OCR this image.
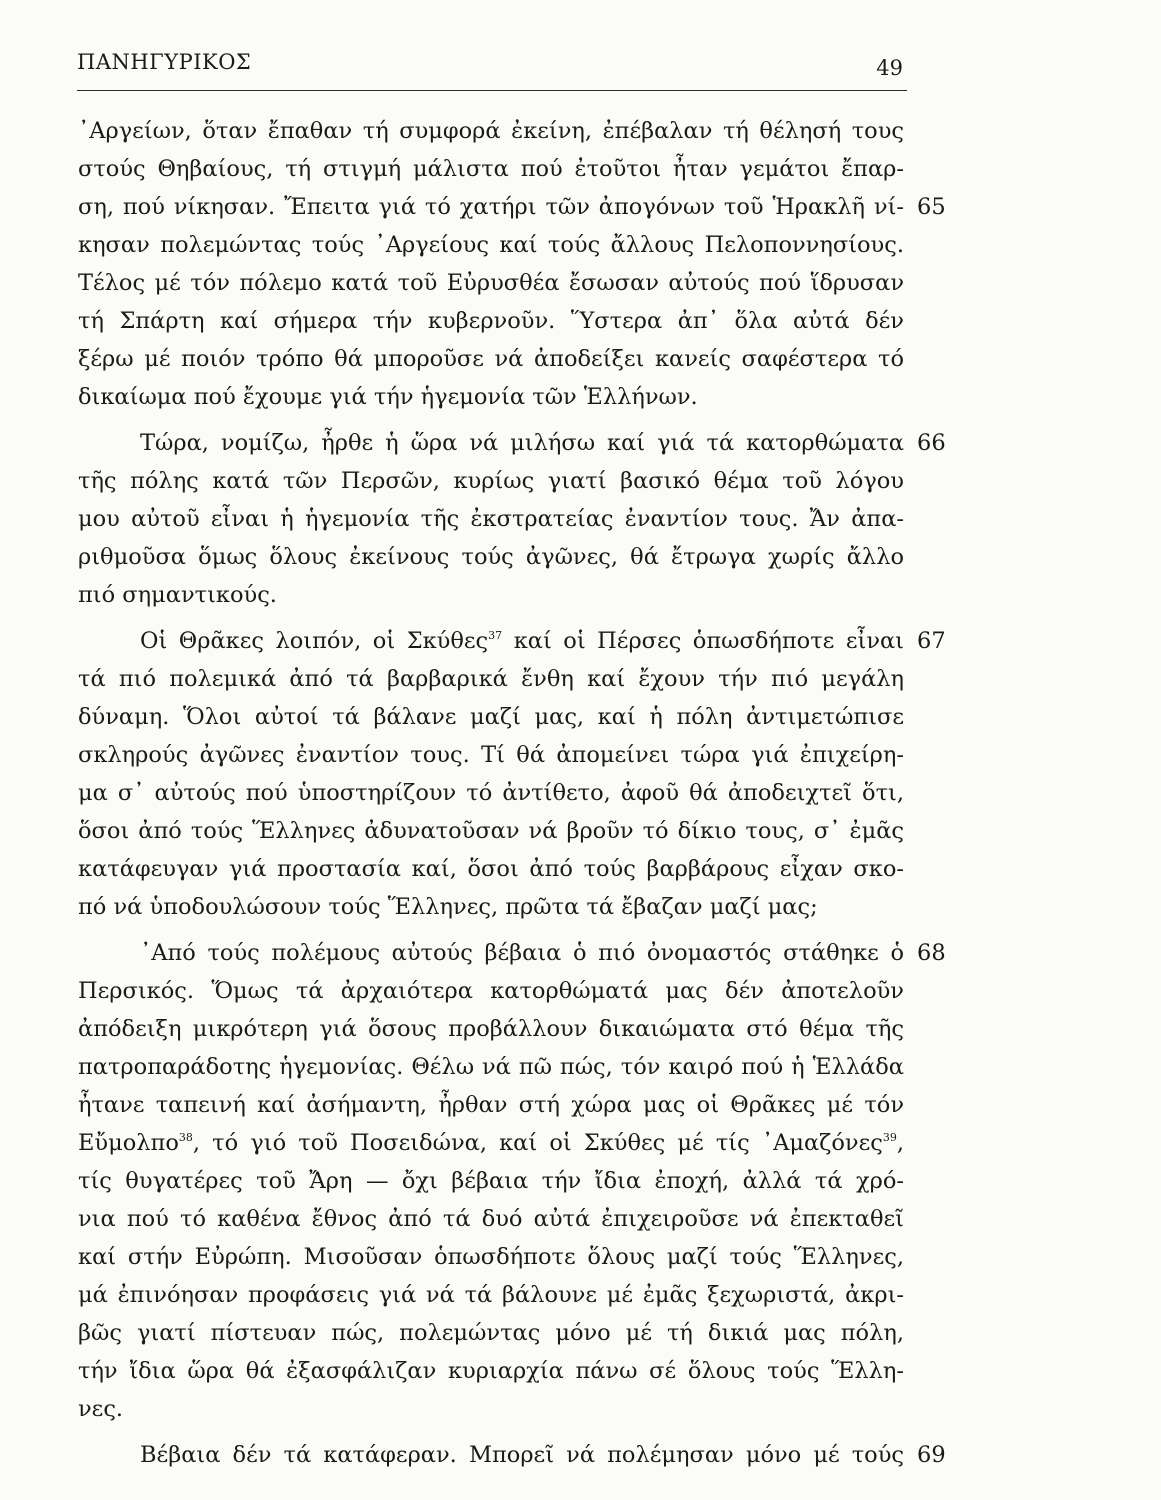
ΠΑΝΗΓΥΡΙΚΟΣ	49
᾿Αργείων, ὅταν ἔπαθαν τή συμφορά ἐκείνη, ἐπέβαλαν τή θέλησή τους
στούς Θηβαίους, τή στιγμή μάλιστα πού ἐτοῦτοι ἦταν γεμάτοι ἔπαρ-
ση, πού νίκησαν. Ἔπειτα γιά τό χατήρι τῶν ἀπογόνων τοῦ Ἡρακλῆ νί-
κησαν πολεμώντας τούς ᾿Αργείους καί τούς ἄλλους Πελοποννησίους.
Τέλος μέ τόν πόλεμο κατά τοῦ Εὐρυσθέα ἔσωσαν αὐτούς πού ἵδρυσαν
τή Σπάρτη καί σήμερα τήν κυβερνοῦν. Ὕστερα ἀπ᾿ ὅλα αὐτά δέν
ξέρω μέ ποιόν τρόπο θά μποροῦσε νά ἀποδείξει κανείς σαφέστερα τό
δικαίωμα πού ἔχουμε γιά τήν ἡγεμονία τῶν Ἑλλήνων.
Τώρα, νομίζω, ἦρθε ἡ ὥρα νά μιλήσω καί γιά τά κατορθώματα
τῆς πόλης κατά τῶν Περσῶν, κυρίως γιατί βασικό θέμα τοῦ λόγου
μου αὐτοῦ εἶναι ἡ ἡγεμονία τῆς ἐκστρατείας ἐναντίον τους. Ἄν ἀπα-
ριθμοῦσα ὅμως ὅλους ἐκείνους τούς ἀγῶνες, θά ἔτρωγα χωρίς ἄλλο
πιό σημαντικούς.
Οἱ Θρᾶκες λοιπόν, οἱ Σκύθες$^{37}$ καί οἱ Πέρσες ὁπωσδήποτε εἶναι
τά πιό πολεμικά ἀπό τά βαρβαρικά ἔνθη καί ἔχουν τήν πιό μεγάλη
δύναμη. Ὅλοι αὐτοί τά βάλανε μαζί μας, καί ἡ πόλη ἀντιμετώπισε
σκληρούς ἀγῶνες ἐναντίον τους. Τί θά ἀπομείνει τώρα γιά ἐπιχείρη-
μα σ᾿ αὐτούς πού ὑποστηρίζουν τό ἀντίθετο, ἀφοῦ θά ἀποδειχτεῖ ὅτι,
ὅσοι ἀπό τούς Ἕλληνες ἀδυνατοῦσαν νά βροῦν τό δίκιο τους, σ᾿ ἐμᾶς
κατάφευγαν γιά προστασία καί, ὅσοι ἀπό τούς βαρβάρους εἶχαν σκο-
πό νά ὑποδουλώσουν τούς Ἕλληνες, πρῶτα τά ἔβαζαν μαζί μας;
᾿Από τούς πολέμους αὐτούς βέβαια ὁ πιό ὀνομαστός στάθηκε ὁ
Περσικός. Ὅμως τά ἀρχαιότερα κατορθώματά μας δέν ἀποτελοῦν
ἀπόδειξη μικρότερη γιά ὅσους προβάλλουν δικαιώματα στό θέμα τῆς
πατροπαράδοτης ἡγεμονίας. Θέλω νά πῶ πώς, τόν καιρό πού ἡ Ἑλλάδα
ἦτανε ταπεινή καί ἀσήμαντη, ἦρθαν στή χώρα μας οἱ Θρᾶκες μέ τόν
Εὔμολπο$^{38}$, τό γιό τοῦ Ποσειδώνα, καί οἱ Σκύθες μέ τίς ᾿Αμαζόνες$^{39}$,
τίς θυγατέρες τοῦ Ἄρη — ὄχι βέβαια τήν ἴδια ἐποχή, ἀλλά τά χρό-
νια πού τό καθένα ἔθνος ἀπό τά δυό αὐτά ἐπιχειροῦσε νά ἐπεκταθεῖ
καί στήν Εὐρώπη. Μισοῦσαν ὁπωσδήποτε ὅλους μαζί τούς Ἕλληνες,
μά ἐπινόησαν προφάσεις γιά νά τά βάλουνε μέ ἐμᾶς ξεχωριστά, ἀκρι-
βῶς γιατί πίστευαν πώς, πολεμώντας μόνο μέ τή δικιά μας πόλη,
τήν ἴδια ὥρα θά ἐξασφάλιζαν κυριαρχία πάνω σέ ὅλους τούς Ἕλλη-
νες.
Βέβαια δέν τά κατάφεραν. Μπορεῖ νά πολέμησαν μόνο μέ τούς
65
66
67
68
69
